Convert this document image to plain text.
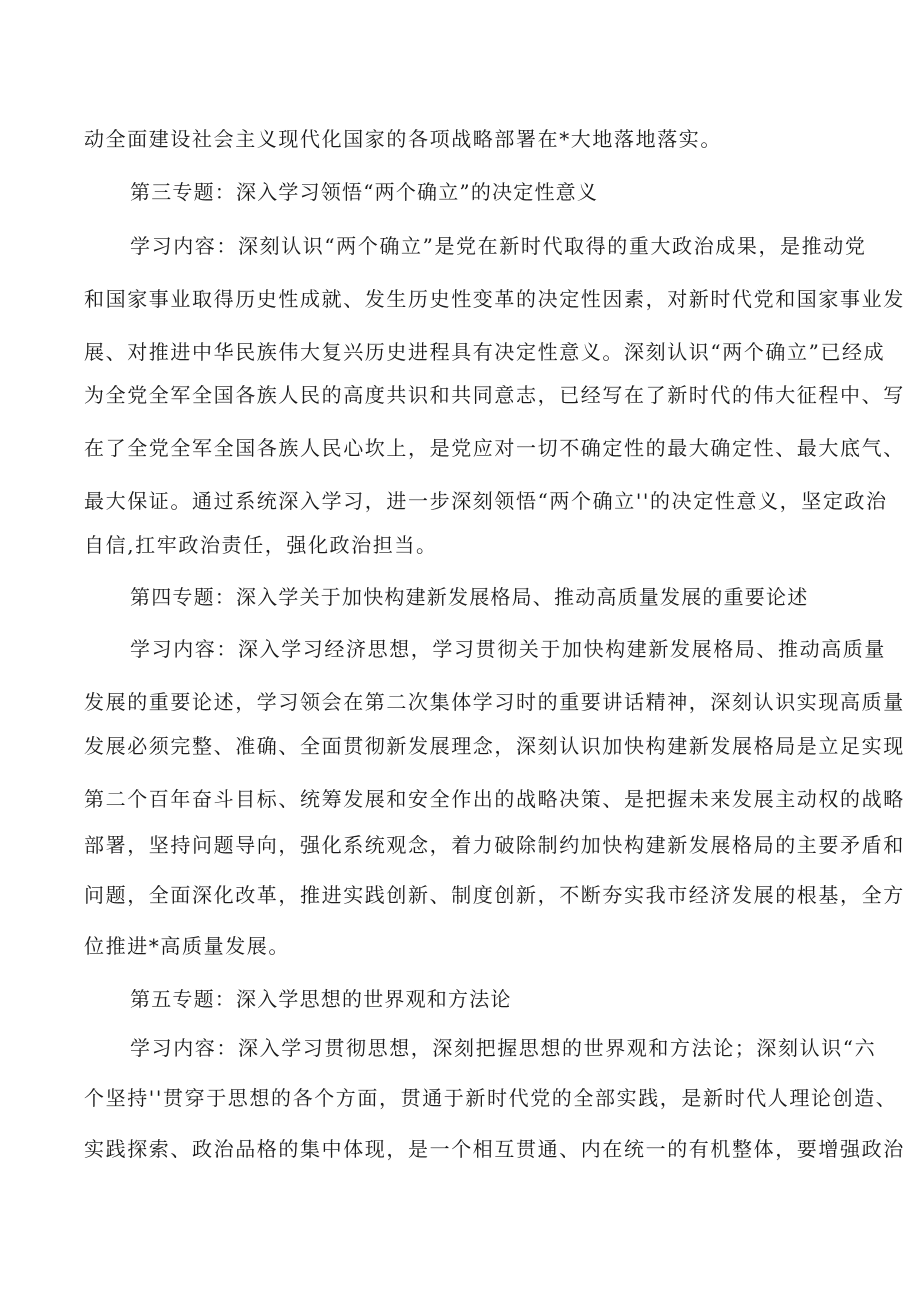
动全面建设社会主义现代化国家的各项战略部署在*大地落地落实。
第三专题：深入学习领悟“两个确立”的决定性意义
学习内容：深刻认识“两个确立”是党在新时代取得的重大政治成果，是推动党
和国家事业取得历史性成就、发生历史性变革的决定性因素，对新时代党和国家事业发
展、对推进中华民族伟大复兴历史进程具有决定性意义。深刻认识“两个确立”已经成
为全党全军全国各族人民的高度共识和共同意志，已经写在了新时代的伟大征程中、写
在了全党全军全国各族人民心坎上，是党应对一切不确定性的最大确定性、最大底气、
最大保证。通过系统深入学习，进一步深刻领悟“两个确立''的决定性意义，坚定政治
自信,扛牢政治责任，强化政治担当。
第四专题：深入学关于加快构建新发展格局、推动高质量发展的重要论述
学习内容：深入学习经济思想，学习贯彻关于加快构建新发展格局、推动高质量
发展的重要论述，学习领会在第二次集体学习时的重要讲话精神，深刻认识实现高质量
发展必须完整、准确、全面贯彻新发展理念，深刻认识加快构建新发展格局是立足实现
第二个百年奋斗目标、统筹发展和安全作出的战略决策、是把握未来发展主动权的战略
部署，坚持问题导向，强化系统观念，着力破除制约加快构建新发展格局的主要矛盾和
问题，全面深化改革，推进实践创新、制度创新，不断夯实我市经济发展的根基，全方
位推进*高质量发展。
第五专题：深入学思想的世界观和方法论
学习内容：深入学习贯彻思想，深刻把握思想的世界观和方法论；深刻认识“六
个坚持''贯穿于思想的各个方面，贯通于新时代党的全部实践，是新时代人理论创造、
实践探索、政治品格的集中体现，是一个相互贯通、内在统一的有机整体，要增强政治
